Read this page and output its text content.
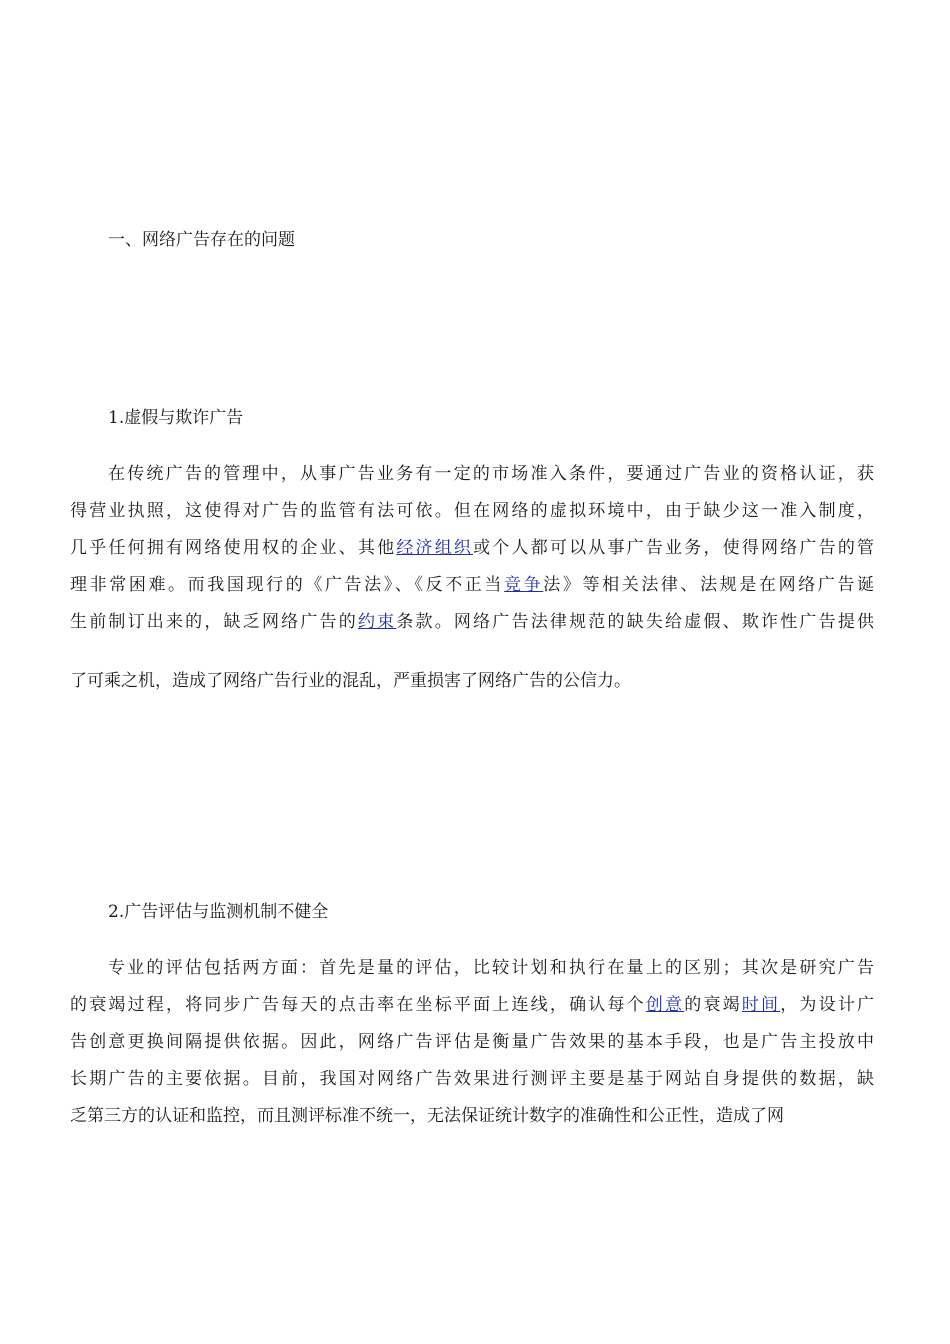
一、网络广告存在的问题
1.虚假与欺诈广告
在传统广告的管理中，从事广告业务有一定的市场准入条件，要通过广告业的资格认证，获
得营业执照，这使得对广告的监管有法可依。但在网络的虚拟环境中，由于缺少这一准入制度，
几乎任何拥有网络使用权的企业、其他经济组织或个人都可以从事广告业务，使得网络广告的管
理非常困难。而我国现行的《广告法》、《反不正当竞争法》等相关法律、法规是在网络广告诞
生前制订出来的，缺乏网络广告的约束条款。网络广告法律规范的缺失给虚假、欺诈性广告提供
了可乘之机，造成了网络广告行业的混乱，严重损害了网络广告的公信力。
2.广告评估与监测机制不健全
专业的评估包括两方面：首先是量的评估，比较计划和执行在量上的区别；其次是研究广告
的衰竭过程，将同步广告每天的点击率在坐标平面上连线，确认每个创意的衰竭时间，为设计广
告创意更换间隔提供依据。因此，网络广告评估是衡量广告效果的基本手段，也是广告主投放中
长期广告的主要依据。目前，我国对网络广告效果进行测评主要是基于网站自身提供的数据，缺
乏第三方的认证和监控，而且测评标准不统一，无法保证统计数字的准确性和公正性，造成了网
